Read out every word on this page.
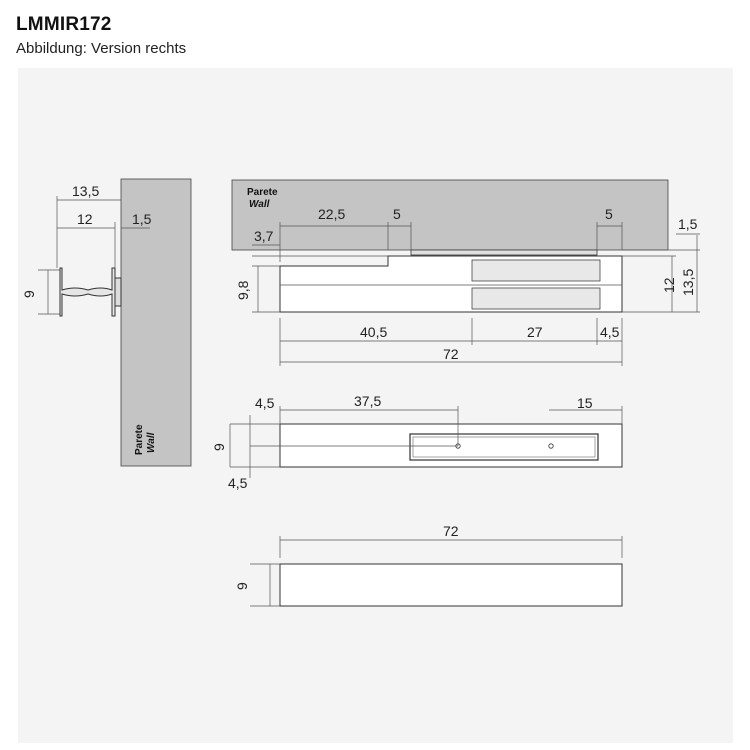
LMMIR172
Abbildung: Version rechts
Parete Wall
13,5
12	1,5
9
Parete
Wall
22,5	5	5
1,5
3,7
9,8	12 13,5
40,5	27	4,5
72
4,5	37,5	15
9
4,5
72
9
